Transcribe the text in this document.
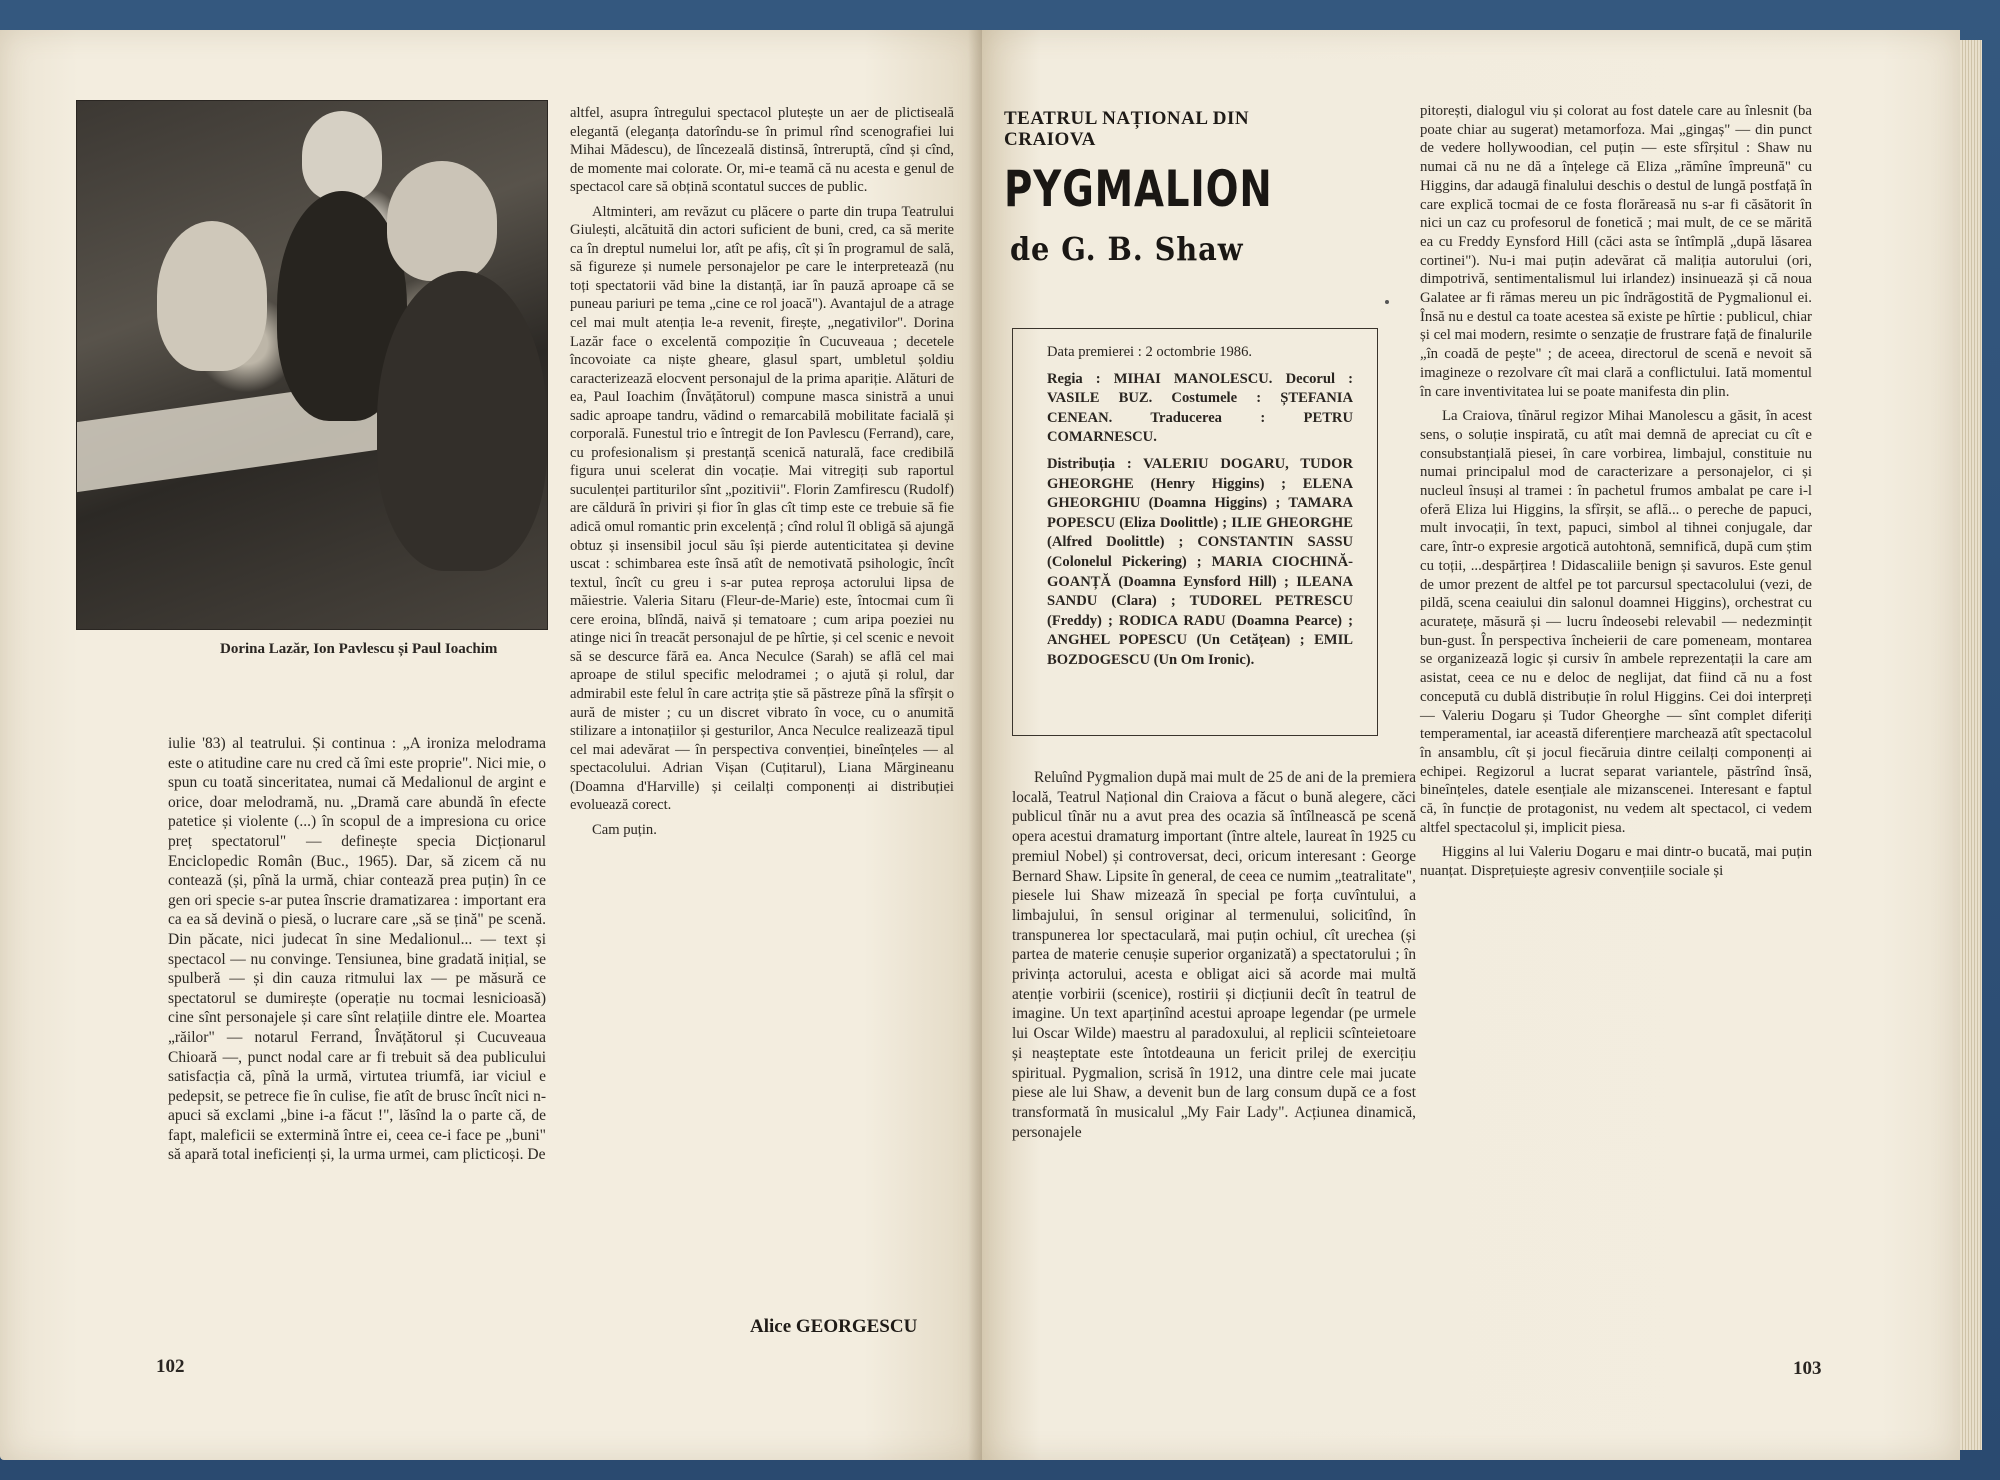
Dorina Lazăr, Ion Pavlescu și Paul Ioachim

iulie '83) al teatrului. Și continua : „A ironiza melodrama este o atitudine care nu cred că îmi este proprie". Nici mie, o spun cu toată sinceritatea, numai că Medalionul de argint e orice, doar melodramă, nu. „Dramă care abundă în efecte patetice și violente (...) în scopul de a impresiona cu orice preț spectatorul" — definește specia Dicționarul Enciclopedic Român (Buc., 1965). Dar, să zicem că nu contează (și, pînă la urmă, chiar contează prea puțin) în ce gen ori specie s-ar putea înscrie dramatizarea : important era ca ea să devină o piesă, o lucrare care „să se țină" pe scenă. Din păcate, nici judecat în sine Medalionul... — text și spectacol — nu convinge. Tensiunea, bine gradată inițial, se spulberă — și din cauza ritmului lax — pe măsură ce spectatorul se dumirește (operație nu tocmai lesnicioasă) cine sînt personajele și care sînt relațiile dintre ele. Moartea „răilor" — notarul Ferrand, Învățătorul și Cucuveaua Chioară —, punct nodal care ar fi trebuit să dea publicului satisfacția că, pînă la urmă, virtutea triumfă, iar viciul e pedepsit, se petrece fie în culise, fie atît de brusc încît nici n-apuci să exclami „bine i-a făcut !", lăsînd la o parte că, de fapt, maleficii se extermină între ei, ceea ce-i face pe „buni" să apară total ineficienți și, la urma urmei, cam plicticoși. De

altfel, asupra întregului spectacol plutește un aer de plictiseală elegantă (eleganța datorîndu-se în primul rînd scenografiei lui Mihai Mădescu), de lîncezeală distinsă, întreruptă, cînd și cînd, de momente mai colorate. Or, mi-e teamă că nu acesta e genul de spectacol care să obțină scontatul succes de public.

Altminteri, am revăzut cu plăcere o parte din trupa Teatrului Giulești, alcătuită din actori suficient de buni, cred, ca să merite ca în dreptul numelui lor, atît pe afiș, cît și în programul de sală, să figureze și numele personajelor pe care le interpretează (nu toți spectatorii văd bine la distanță, iar în pauză aproape că se puneau pariuri pe tema „cine ce rol joacă"). Avantajul de a atrage cel mai mult atenția le-a revenit, firește, „negativilor". Dorina Lazăr face o excelentă compoziție în Cucuveaua ; decetele încovoiate ca niște gheare, glasul spart, umbletul șoldiu caracterizează elocvent personajul de la prima apariție. Alături de ea, Paul Ioachim (Învățătorul) compune masca sinistră a unui sadic aproape tandru, vădind o remarcabilă mobilitate facială și corporală. Funestul trio e întregit de Ion Pavlescu (Ferrand), care, cu profesionalism și prestanță scenică naturală, face credibilă figura unui scelerat din vocație. Mai vitregiți sub raportul suculenței partiturilor sînt „pozitivii". Florin Zamfirescu (Rudolf) are căldură în priviri și fior în glas cît timp este ce trebuie să fie adică omul romantic prin excelență ; cînd rolul îl obligă să ajungă obtuz și insensibil jocul său își pierde autenticitatea și devine uscat : schimbarea este însă atît de nemotivată psihologic, încît textul, încît cu greu i s-ar putea reproșa actorului lipsa de măiestrie. Valeria Sitaru (Fleur-de-Marie) este, întocmai cum îi cere eroina, blîndă, naivă și tematoare ; cum aripa poeziei nu atinge nici în treacăt personajul de pe hîrtie, și cel scenic e nevoit să se descurce fără ea. Anca Neculce (Sarah) se află cel mai aproape de stilul specific melodramei ; o ajută și rolul, dar admirabil este felul în care actrița știe să păstreze pînă la sfîrșit o aură de mister ; cu un discret vibrato în voce, cu o anumită stilizare a intonațiilor și gesturilor, Anca Neculce realizează tipul cel mai adevărat — în perspectiva convenției, bineînțeles — al spectacolului. Adrian Vișan (Cuțitarul), Liana Mărgineanu (Doamna d'Harville) și ceilalți componenți ai distribuției evoluează corect.

Cam puțin.

Alice GEORGESCU
102
TEATRUL NAȚIONAL DIN CRAIOVA
PYGMALION
de G. B. Shaw

Data premierei : 2 octombrie 1986.

Regia : MIHAI MANOLESCU. Decorul : VASILE BUZ. Costumele : ȘTEFANIA CENEAN. Traducerea : PETRU COMARNESCU.

Distribuția : VALERIU DOGARU, TUDOR GHEORGHE (Henry Higgins) ; ELENA GHEORGHIU (Doamna Higgins) ; TAMARA POPESCU (Eliza Doolittle) ; ILIE GHEORGHE (Alfred Doolittle) ; CONSTANTIN SASSU (Colonelul Pickering) ; MARIA CIOCHINĂ-GOANȚĂ (Doamna Eynsford Hill) ; ILEANA SANDU (Clara) ; TUDOREL PETRESCU (Freddy) ; RODICA RADU (Doamna Pearce) ; ANGHEL POPESCU (Un Cetățean) ; EMIL BOZDOGESCU (Un Om Ironic).

Reluînd Pygmalion după mai mult de 25 de ani de la premiera locală, Teatrul Național din Craiova a făcut o bună alegere, căci publicul tînăr nu a avut prea des ocazia să întîlnească pe scenă opera acestui dramaturg important (între altele, laureat în 1925 cu premiul Nobel) și controversat, deci, oricum interesant : George Bernard Shaw. Lipsite în general, de ceea ce numim „teatralitate", piesele lui Shaw mizează în special pe forța cuvîntului, a limbajului, în sensul originar al termenului, solicitînd, în transpunerea lor spectaculară, mai puțin ochiul, cît urechea (și partea de materie cenușie superior organizată) a spectatorului ; în privința actorului, acesta e obligat aici să acorde mai multă atenție vorbirii (scenice), rostirii și dicțiunii decît în teatrul de imagine. Un text aparținînd acestui aproape legendar (pe urmele lui Oscar Wilde) maestru al paradoxului, al replicii scînteietoare și neașteptate este întotdeauna un fericit prilej de exercițiu spiritual. Pygmalion, scrisă în 1912, una dintre cele mai jucate piese ale lui Shaw, a devenit bun de larg consum după ce a fost transformată în musicalul „My Fair Lady". Acțiunea dinamică, personajele

pitorești, dialogul viu și colorat au fost datele care au înlesnit (ba poate chiar au sugerat) metamorfoza. Mai „gingaș" — din punct de vedere hollywoodian, cel puțin — este sfîrșitul : Shaw nu numai că nu ne dă a înțelege că Eliza „rămîne împreună" cu Higgins, dar adaugă finalului deschis o destul de lungă postfață în care explică tocmai de ce fosta florăreasă nu s-ar fi căsătorit în nici un caz cu profesorul de fonetică ; mai mult, de ce se mărită ea cu Freddy Eynsford Hill (căci asta se întîmplă „după lăsarea cortinei"). Nu-i mai puțin adevărat că malițiа autorului (ori, dimpotrivă, sentimentalismul lui irlandez) insinuează și că noua Galatee ar fi rămas mereu un pic îndrăgostită de Pygmalionul ei. Însă nu e destul ca toate acestea să existe pe hîrtie : publicul, chiar și cel mai modern, resimte o senzație de frustrare față de finalurile „în coadă de pește" ; de aceea, directorul de scenă e nevoit să imagineze o rezolvare cît mai clară a conflictului. Iată momentul în care inventivitatea lui se poate manifesta din plin.

La Craiova, tînărul regizor Mihai Manolescu a găsit, în acest sens, o soluție inspirată, cu atît mai demnă de apreciat cu cît e consubstanțială piesei, în care vorbirea, limbajul, constituie nu numai principalul mod de caracterizare a personajelor, ci și nucleul însuși al tramei : în pachetul frumos ambalat pe care i-l oferă Eliza lui Higgins, la sfîrșit, se află... o pereche de papuci, mult invocații, în text, papuci, simbol al tihnei conjugale, dar care, într-o expresie argotică autohtonă, semnifică, după cum știm cu toții, ...despărțirea ! Didascaliile benign și savuros. Este genul de umor prezent de altfel pe tot parcursul spectacolului (vezi, de pildă, scena ceaiului din salonul doamnei Higgins), orchestrat cu acuratețe, măsură și — lucru îndeosebi relevabil — nedezmințit bun-gust. În perspectiva încheierii de care pomeneam, montarea se organizează logic și cursiv în ambele reprezentații la care am asistat, ceea ce nu e deloc de neglijat, dat fiind că nu a fost concepută cu dublă distribuție în rolul Higgins. Cei doi interpreți — Valeriu Dogaru și Tudor Gheorghe — sînt complet diferiți temperamental, iar această diferențiere marchează atît spectacolul în ansamblu, cît și jocul fiecăruia dintre ceilalți componenți ai echipei. Regizorul a lucrat separat variantele, păstrînd însă, bineînțeles, datele esențiale ale mizanscenei. Interesant e faptul că, în funcție de protagonist, nu vedem alt spectacol, ci vedem altfel spectacolul și, implicit piesa.

Higgins al lui Valeriu Dogaru e mai dintr-o bucată, mai puțin nuanțat. Disprețuiește agresiv convențiile sociale și

103
